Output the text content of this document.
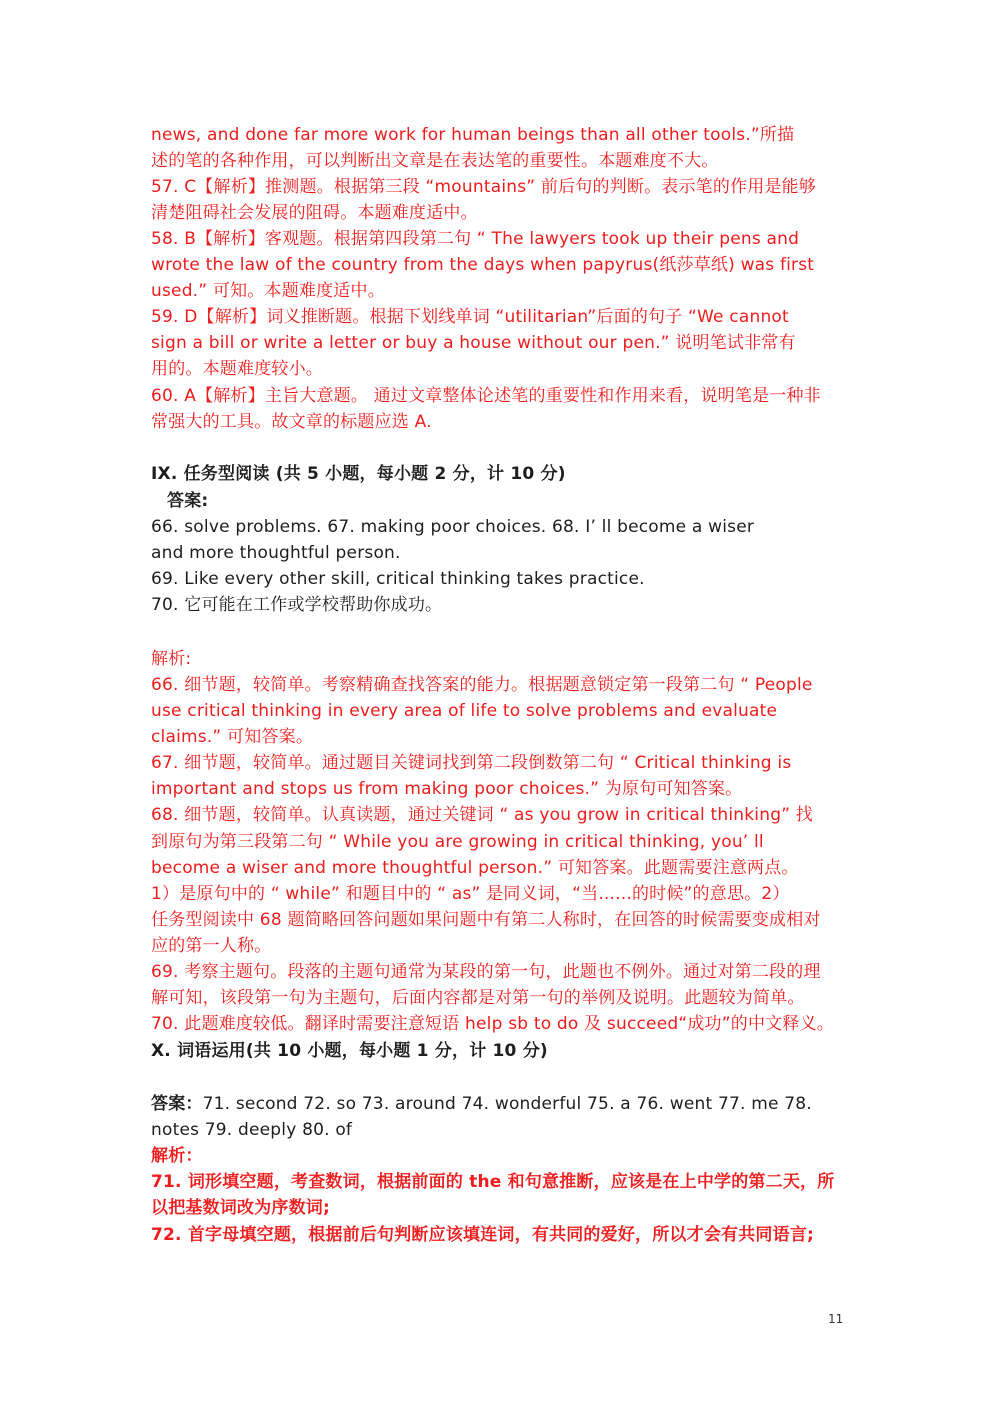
news, and done far more work for human beings than all other tools.”所描
述的笔的各种作用，可以判断出文章是在表达笔的重要性。本题难度不大。
57. C【解析】推测题。根据第三段 “mountains” 前后句的判断。表示笔的作用是能够
清楚阻碍社会发展的阻碍。本题难度适中。
58. B【解析】客观题。根据第四段第二句 “ The lawyers took up their pens and
wrote the law of the country from the days when papyrus(纸莎草纸) was first
used.” 可知。本题难度适中。
59. D【解析】词义推断题。根据下划线单词 “utilitarian”后面的句子 “We cannot
sign a bill or write a letter or buy a house without our pen.” 说明笔试非常有
用的。本题难度较小。
60. A【解析】主旨大意题。 通过文章整体论述笔的重要性和作用来看，说明笔是一种非
常强大的工具。故文章的标题应选 A.
IX. 任务型阅读 (共 5 小题，每小题 2 分，计 10 分)
答案:
66. solve problems. 67. making poor choices. 68. I’ ll become a wiser
and more thoughtful person.
69. Like every other skill, critical thinking takes practice.
70. 它可能在工作或学校帮助你成功。
解析:
66. 细节题，较简单。考察精确查找答案的能力。根据题意锁定第一段第二句 “ People
use critical thinking in every area of life to solve problems and evaluate
claims.” 可知答案。
67. 细节题，较简单。通过题目关键词找到第二段倒数第二句 “ Critical thinking is
important and stops us from making poor choices.” 为原句可知答案。
68. 细节题，较简单。认真读题，通过关键词 “ as you grow in critical thinking” 找
到原句为第三段第二句 “ While you are growing in critical thinking, you’ ll
become a wiser and more thoughtful person.” 可知答案。此题需要注意两点。
1）是原句中的 “ while” 和题目中的 “ as” 是同义词，“当......的时候”的意思。2）
任务型阅读中 68 题简略回答问题如果问题中有第二人称时，在回答的时候需要变成相对
应的第一人称。
69. 考察主题句。段落的主题句通常为某段的第一句，此题也不例外。通过对第二段的理
解可知，该段第一句为主题句，后面内容都是对第一句的举例及说明。此题较为简单。
70. 此题难度较低。翻译时需要注意短语 help sb to do 及 succeed“成功”的中文释义。
X. 词语运用(共 10 小题，每小题 1 分，计 10 分)
答案：71. second 72. so 73. around 74. wonderful 75. a 76. went 77. me 78.
notes 79. deeply 80. of
解析：
71. 词形填空题，考查数词，根据前面的 the 和句意推断，应该是在上中学的第二天，所
以把基数词改为序数词;
72. 首字母填空题，根据前后句判断应该填连词，有共同的爱好，所以才会有共同语言;
11
